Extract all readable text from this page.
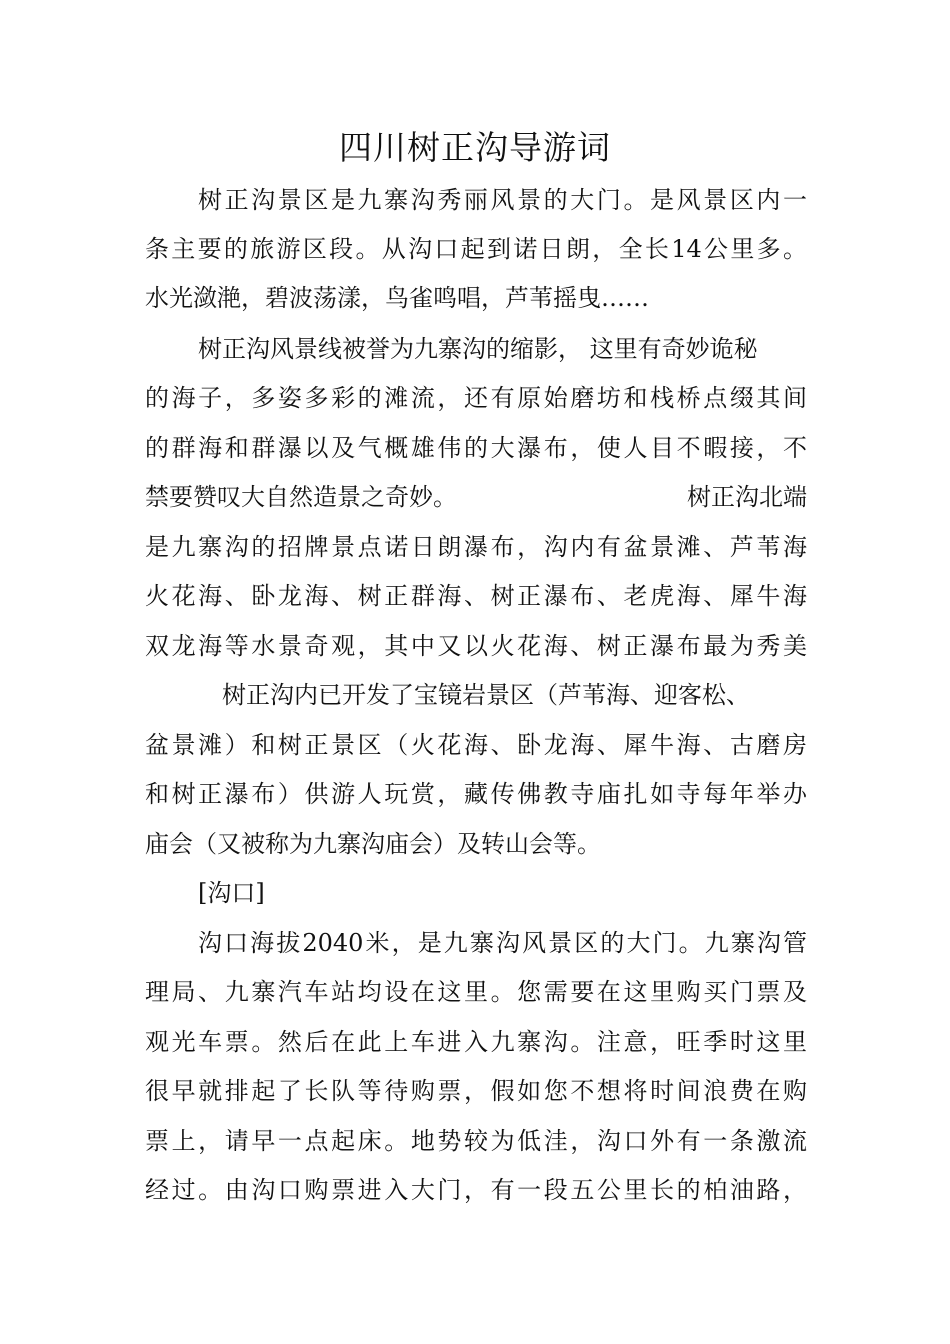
四川树正沟导游词

树正沟景区是九寨沟秀丽风景的大门。是风景区内一

条主要的旅游区段。从沟口起到诺日朗，全长14公里多。

水光潋滟，碧波荡漾，鸟雀鸣唱，芦苇摇曳……

树正沟风景线被誉为九寨沟的缩影， 这里有奇妙诡秘

的海子，多姿多彩的滩流，还有原始磨坊和栈桥点缀其间

的群海和群瀑以及气概雄伟的大瀑布，使人目不暇接，不

禁要赞叹大自然造景之奇妙。	树正沟北端

是九寨沟的招牌景点诺日朗瀑布，沟内有盆景滩、芦苇海

火花海、卧龙海、树正群海、树正瀑布、老虎海、犀牛海

双龙海等水景奇观，其中又以火花海、树正瀑布最为秀美

树正沟内已开发了宝镜岩景区（芦苇海、迎客松、

盆景滩）和树正景区（火花海、卧龙海、犀牛海、古磨房

和树正瀑布）供游人玩赏，藏传佛教寺庙扎如寺每年举办

庙会（又被称为九寨沟庙会）及转山会等。

[沟口]

沟口海拔2040米，是九寨沟风景区的大门。九寨沟管

理局、九寨汽车站均设在这里。您需要在这里购买门票及

观光车票。然后在此上车进入九寨沟。注意，旺季时这里

很早就排起了长队等待购票，假如您不想将时间浪费在购

票上，请早一点起床。地势较为低洼，沟口外有一条激流

经过。由沟口购票进入大门，有一段五公里长的柏油路，
